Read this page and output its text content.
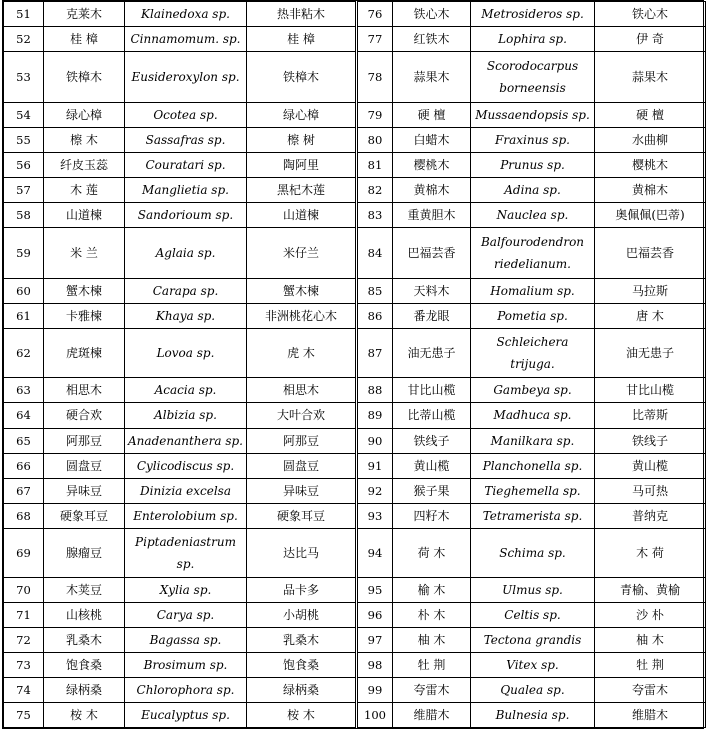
51	克莱木	Klainedoxa sp.	热非粘木	76	铁心木	Metrosideros sp.	铁心木
52	桂 樟	Cinnamomum. sp.	桂 樟	77	红铁木	Lophira sp.	伊 奇
53	铁樟木	Eusideroxylon sp.	铁樟木	78	蒜果木	Scorodocarpus borneensis	蒜果木
54	绿心樟	Ocotea sp.	绿心樟	79	硬 檀	Mussaendopsis sp.	硬 檀
55	檫 木	Sassafras sp.	檫 树	80	白蜡木	Fraxinus sp.	水曲柳
56	纤皮玉蕊	Couratari sp.	陶阿里	81	樱桃木	Prunus sp.	樱桃木
57	木 莲	Manglietia sp.	黑杞木莲	82	黄棉木	Adina sp.	黄棉木
58	山道楝	Sandorioum sp.	山道楝	83	重黄胆木	Nauclea sp.	奥佩佩(巴蒂)
59	米 兰	Aglaia sp.	米仔兰	84	巴福芸香	Balfourodendron riedelianum.	巴福芸香
60	蟹木楝	Carapa sp.	蟹木楝	85	天料木	Homalium sp.	马拉斯
61	卡雅楝	Khaya sp.	非洲桃花心木	86	番龙眼	Pometia sp.	唐 木
62	虎斑楝	Lovoa sp.	虎 木	87	油无患子	Schleichera trijuga.	油无患子
63	相思木	Acacia sp.	相思木	88	甘比山榄	Gambeya sp.	甘比山榄
64	硬合欢	Albizia sp.	大叶合欢	89	比蒂山榄	Madhuca sp.	比蒂斯
65	阿那豆	Anadenanthera sp.	阿那豆	90	铁线子	Manilkara sp.	铁线子
66	圆盘豆	Cylicodiscus sp.	圆盘豆	91	黄山榄	Planchonella sp.	黄山榄
67	异味豆	Dinizia excelsa	异味豆	92	猴子果	Tieghemella sp.	马可热
68	硬象耳豆	Enterolobium sp.	硬象耳豆	93	四籽木	Tetramerista sp.	普纳克
69	腺瘤豆	Piptadeniastrum sp.	达比马	94	荷 木	Schima sp.	木 荷
70	木荚豆	Xylia sp.	品卡多	95	榆 木	Ulmus sp.	青榆、黄榆
71	山核桃	Carya sp.	小胡桃	96	朴 木	Celtis sp.	沙 朴
72	乳桑木	Bagassa sp.	乳桑木	97	柚 木	Tectona grandis	柚 木
73	饱食桑	Brosimum sp.	饱食桑	98	牡 荆	Vitex sp.	牡 荆
74	绿柄桑	Chlorophora sp.	绿柄桑	99	夸雷木	Qualea sp.	夸雷木
75	桉 木	Eucalyptus sp.	桉 木	100	维腊木	Bulnesia sp.	维腊木
